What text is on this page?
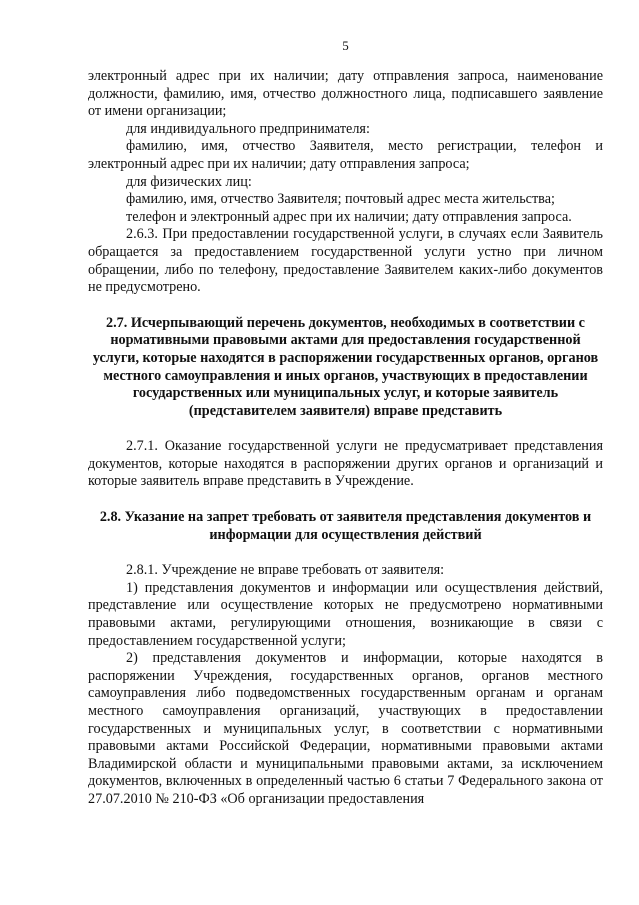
5
электронный адрес при их наличии; дату отправления запроса, наименование должности, фамилию, имя, отчество должностного лица, подписавшего заявление от имени организации;
для индивидуального предпринимателя:
фамилию, имя, отчество Заявителя, место регистрации, телефон и электронный адрес при их наличии; дату отправления запроса;
для физических лиц:
фамилию, имя, отчество Заявителя; почтовый адрес места жительства;
телефон и электронный адрес при их наличии; дату отправления запроса.
2.6.3. При предоставлении государственной услуги, в случаях если Заявитель обращается за предоставлением государственной услуги устно при личном обращении, либо по телефону, предоставление Заявителем каких-либо документов не предусмотрено.
2.7. Исчерпывающий перечень документов, необходимых в соответствии с нормативными правовыми актами для предоставления государственной услуги, которые находятся в распоряжении государственных органов, органов местного самоуправления и иных органов, участвующих в предоставлении государственных или муниципальных услуг, и которые заявитель (представителем заявителя) вправе представить
2.7.1. Оказание государственной услуги не предусматривает представления документов, которые находятся в распоряжении других органов и организаций и которые заявитель вправе представить в Учреждение.
2.8. Указание на запрет требовать от заявителя представления документов и информации для осуществления действий
2.8.1. Учреждение не вправе требовать от заявителя:
1) представления документов и информации или осуществления действий, представление или осуществление которых не предусмотрено нормативными правовыми актами, регулирующими отношения, возникающие в связи с предоставлением государственной услуги;
2) представления документов и информации, которые находятся в распоряжении Учреждения, государственных органов, органов местного самоуправления либо подведомственных государственным органам и органам местного самоуправления организаций, участвующих в предоставлении государственных и муниципальных услуг, в соответствии с нормативными правовыми актами Российской Федерации, нормативными правовыми актами Владимирской области и муниципальными правовыми актами, за исключением документов, включенных в определенный частью 6 статьи 7 Федерального закона от 27.07.2010 № 210-ФЗ «Об организации предоставления
